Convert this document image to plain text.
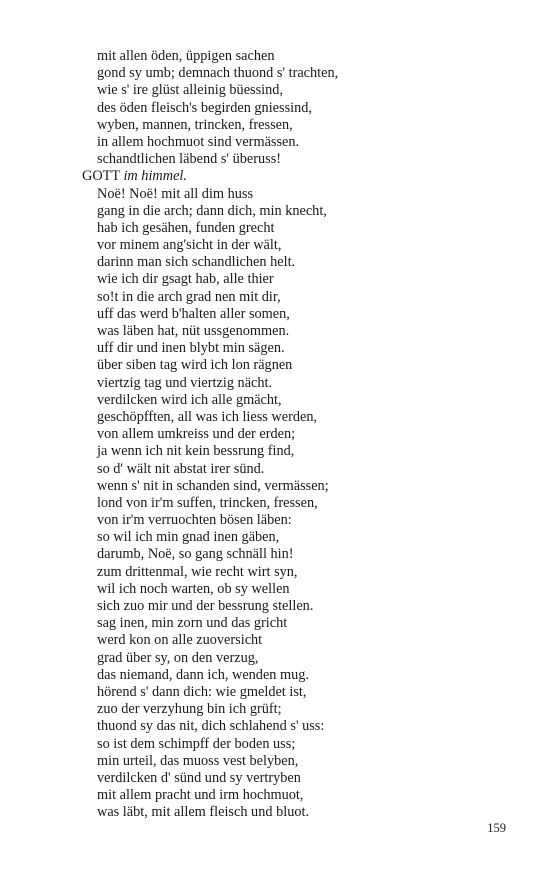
mit allen öden, üppigen sachen
gond sy umb; demnach thuond s' trachten,
wie s' ire glüst alleinig büessind,
des öden fleisch's begirden gniessind,
wyben, mannen, trincken, fressen,
in allem hochmuot sind vermässen.
schandtlichen läbend s' überuss!
GOTT im himmel.
Noë! Noë! mit all dim huss
gang in die arch; dann dich, min knecht,
hab ich gesähen, funden grecht
vor minem ang'sicht in der wält,
darinn man sich schandlichen helt.
wie ich dir gsagt hab, alle thier
so!t in die arch grad nen mit dir,
uff das werd b'halten aller somen,
was läben hat, nüt ussgenommen.
uff dir und inen blybt min sägen.
über siben tag wird ich lon rägnen
viertzig tag und viertzig nächt.
verdilcken wird ich alle gmächt,
geschöpfften, all was ich liess werden,
von allem umkreiss und der erden;
ja wenn ich nit kein bessrung find,
so d' wält nit abstat irer sünd.
wenn s' nit in schanden sind, vermässen;
lond von ir'm suffen, trincken, fressen,
von ir'm verruochten bösen läben:
so wil ich min gnad inen gäben,
darumb, Noë, so gang schnäll hin!
zum drittenmal, wie recht wirt syn,
wil ich noch warten, ob sy wellen
sich zuo mir und der bessrung stellen.
sag inen, min zorn und das gricht
werd kon on alle zuoversicht
grad über sy, on den verzug,
das niemand, dann ich, wenden mug.
hörend s' dann dich: wie gmeldet ist,
zuo der verzyhung bin ich grüft;
thuond sy das nit, dich schlahend s' uss:
so ist dem schimpff der boden uss;
min urteil, das muoss vest belyben,
verdilcken d' sünd und sy vertryben
mit allem pracht und irm hochmuot,
was läbt, mit allem fleisch und bluot.
159
